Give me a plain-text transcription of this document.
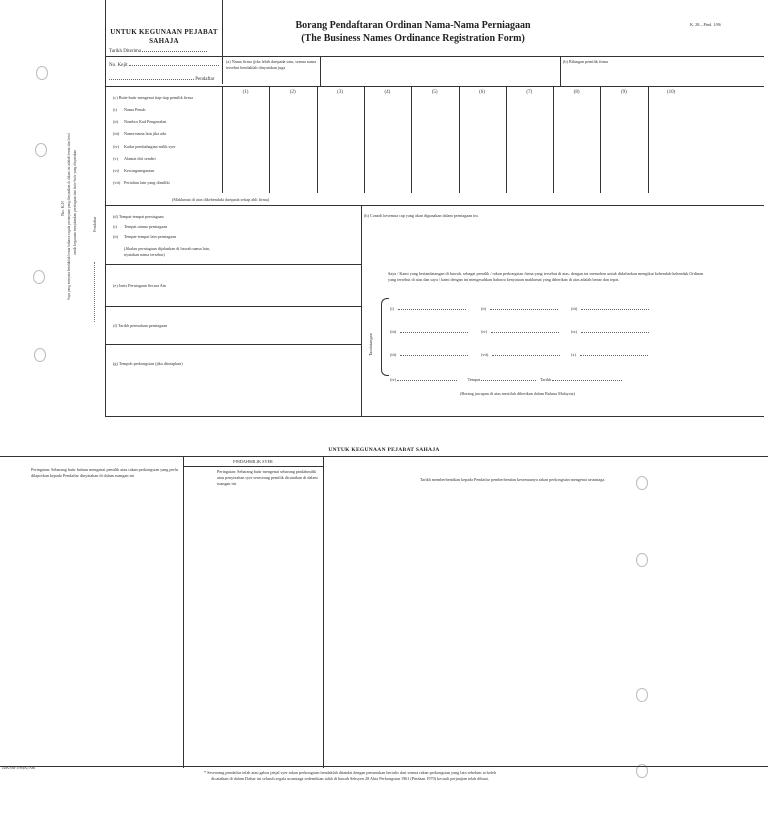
UNTUK KEGUNAAN PEJABAT SAHAJA
Tarikh Diterima
No. Kejit
Pendaftar
Borang Pendaftaran Ordinan Nama-Nama Perniagaan
(The Business Names Ordinance Registration Form)
K. 28—Pind. 1/86
(a) Nama firma (jika lebih daripada satu, semua nama tersebut hendaklah dinyatakan juga
(b) Bilangan pemilik firma
(1)	(2)	(3)	(4)	(5)	(6)	(7)	(8)	(9)	(10)
(c) Butir-butir mengenai tiap-tiap pemilik firma
(i) Nama Penuh
(ii) Nombor Kad Pengenalan
(iii) Nama-nama lain jika ada
(iv) Kadar pembahagian milik syer
(v) Alamat diri sendiri
(vi) Kewarganegaraan
(vii) Pertalian lain yang dimiliki
(Maklumat di atas dikehendaki daripada setiap ahli firma)
No. K.P. Saya yang menyata hendaklah benar bahawa segala pertanyaan yang dinyatakan di dalam ini adalah benar dan betul untuk kegunaan menjalankan perniagaan dan butir-butir yang dinyatakan	Pendaftar
(d) Tempat-tempat perniagaan
(i) Tempat utama perniagaan
(ii) Tempat-tempat lain perniagaan
(Jikalau perniagaan dijalankan di bawah nama lain, nyatakan nama tersebut)
(e) Jenis Perniagaan Secara Am
(f) Tarikh permulaan perniagaan
(g) Tempoh perkongsian (jika ditetapkan)
(h) Contoh kesemua cap yang akan digunakan dalam perniagaan ini.
Saya / Kami yang bertandatangan di bawah, sebagai pemilik / rakan perkongsian firma yang tersebut di atas, dengan ini memohon untuk didaftarkan mengikut kehendak-kehendak Ordinan yang tersebut di atas dan saya / kami dengan ini mengesahkan bahawa kenyataan maklumat yang diberikan di atas adalah benar dan tepat.
Tandatangan
(i)	(ii)	(iii)
(iii)	(iv)	(ix)
(iii)	(vii)	(x)
(iv)	Tempat	Tarikh
(Borang jawapan di atas mestilah diberikan dalam Bahasa Malaysia)
UNTUK KEGUNAAN PEJABAT SAHAJA
PINDAHMILIK SYER
Peringatan: Sebarang butir baharu mengenai pemilik atau rakan perkongsian yang perlu dilaporkan kepada Pendaftar dinyatakan di dalam ruangan ini
Peringatan: Sebarang butir mengenai sebarang pindahmilik atau penyerahan syer seseorang pemilik dicatatkan di dalam ruangan ini.
Tarikh memberhentikan kepada Pendaftar pemberhentian kesemuanya rakan perkongsian mengenai urusniaga.
JDKNM-1/90(K) Am
* Seseorang pendaftar telah atau gabus jenjal syer rakan perkongsian hendaklah ditandai dengan pemasukan bertulis dari semua rakan perkongsian yang lain sebelum ia boleh dicatatkan di dalam Daftar ini seluruh segala urusniaga sedemikian ialah di bawah Seksyen 28 Akta Perkongsian 1961 (Pindaan 1970) kecuali perjanjian telah dibuat.
